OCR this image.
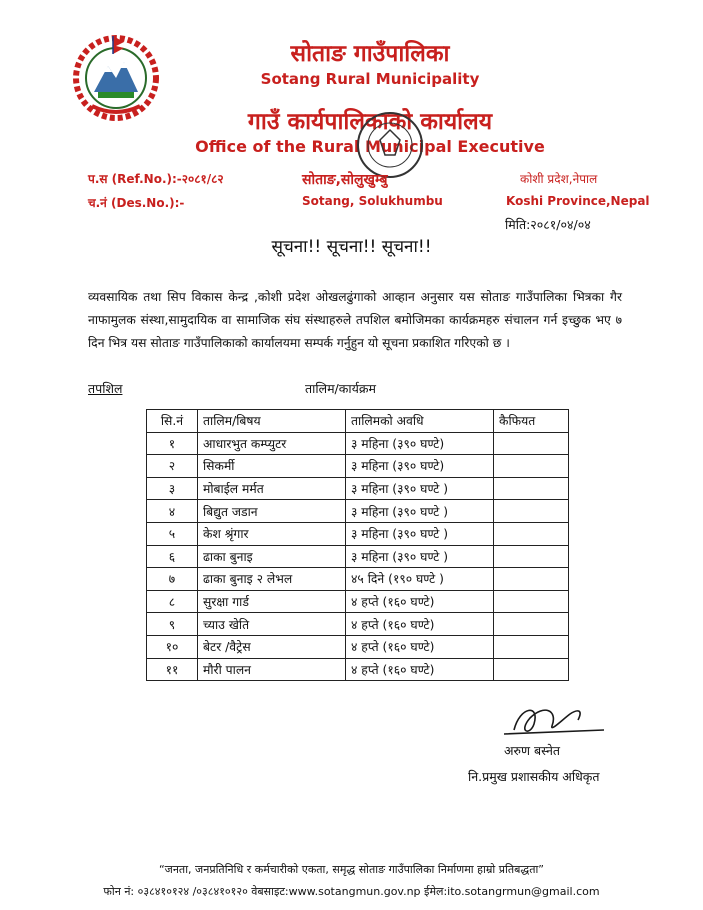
सोताङ गाउँपालिका
Sotang Rural Municipality
गाउँ कार्यपालिकाको कार्यालय
Office of the Rural Municipal Executive
प.स (Ref.No.):-२०८१/८२
च.नं (Des.No.):-
सोताङ,सोलुखुम्बु
Sotang, Solukhumbu
कोशी प्रदेश,नेपाल
Koshi Province,Nepal
मिति:२०८१/०४/०४
सूचना!! सूचना!! सूचना!!
व्यवसायिक तथा सिप विकास केन्द्र ,कोशी प्रदेश ओखलढुंगाको आव्हान अनुसार यस सोताङ गाउँपालिका भित्रका गैर नाफामुलक संस्था,सामुदायिक वा सामाजिक संघ संस्थाहरुले तपशिल बमोजिमका कार्यक्रमहरु संचालन गर्न इच्छुक भए ७ दिन भित्र यस सोताङ गाउँपालिकाको कार्यालयमा सम्पर्क गर्नुहुन यो सूचना प्रकाशित गरिएको छ ।
तपशिल	तालिम/कार्यक्रम
सि.नं	तालिम/बिषय	तालिमको अवधि	कैफियत
१	आधारभुत कम्प्युटर	३ महिना (३९० घण्टे)	
२	सिकर्मी	३ महिना (३९० घण्टे)	
३	मोबाईल मर्मत	३ महिना (३९० घण्टे )	
४	बिद्युत जडान	३ महिना (३९० घण्टे )	
५	केश श्रृंगार	३ महिना (३९० घण्टे )	
६	ढाका बुनाइ	३ महिना (३९० घण्टे )	
७	ढाका बुनाइ २ लेभल	४५ दिने (१९० घण्टे )	
८	सुरक्षा गार्ड	४ हप्ते (१६० घण्टे)	
९	च्याउ खेति	४ हप्ते (१६० घण्टे)	
१०	बेटर /वैट्रेस	४ हप्ते (१६० घण्टे)	
११	मौरी पालन	४ हप्ते (१६० घण्टे)	
अरुण बस्नेत
नि.प्रमुख प्रशासकीय अधिकृत
“जनता, जनप्रतिनिधि र कर्मचारीको एकता, समृद्ध सोताङ गाउँपालिका निर्माणमा हाम्रो प्रतिबद्धता”
फोन नं: ०३८४१०१२४ /०३८४१०१२० वेबसाइट:www.sotangmun.gov.np ईमेल:ito.sotangrmun@gmail.com
